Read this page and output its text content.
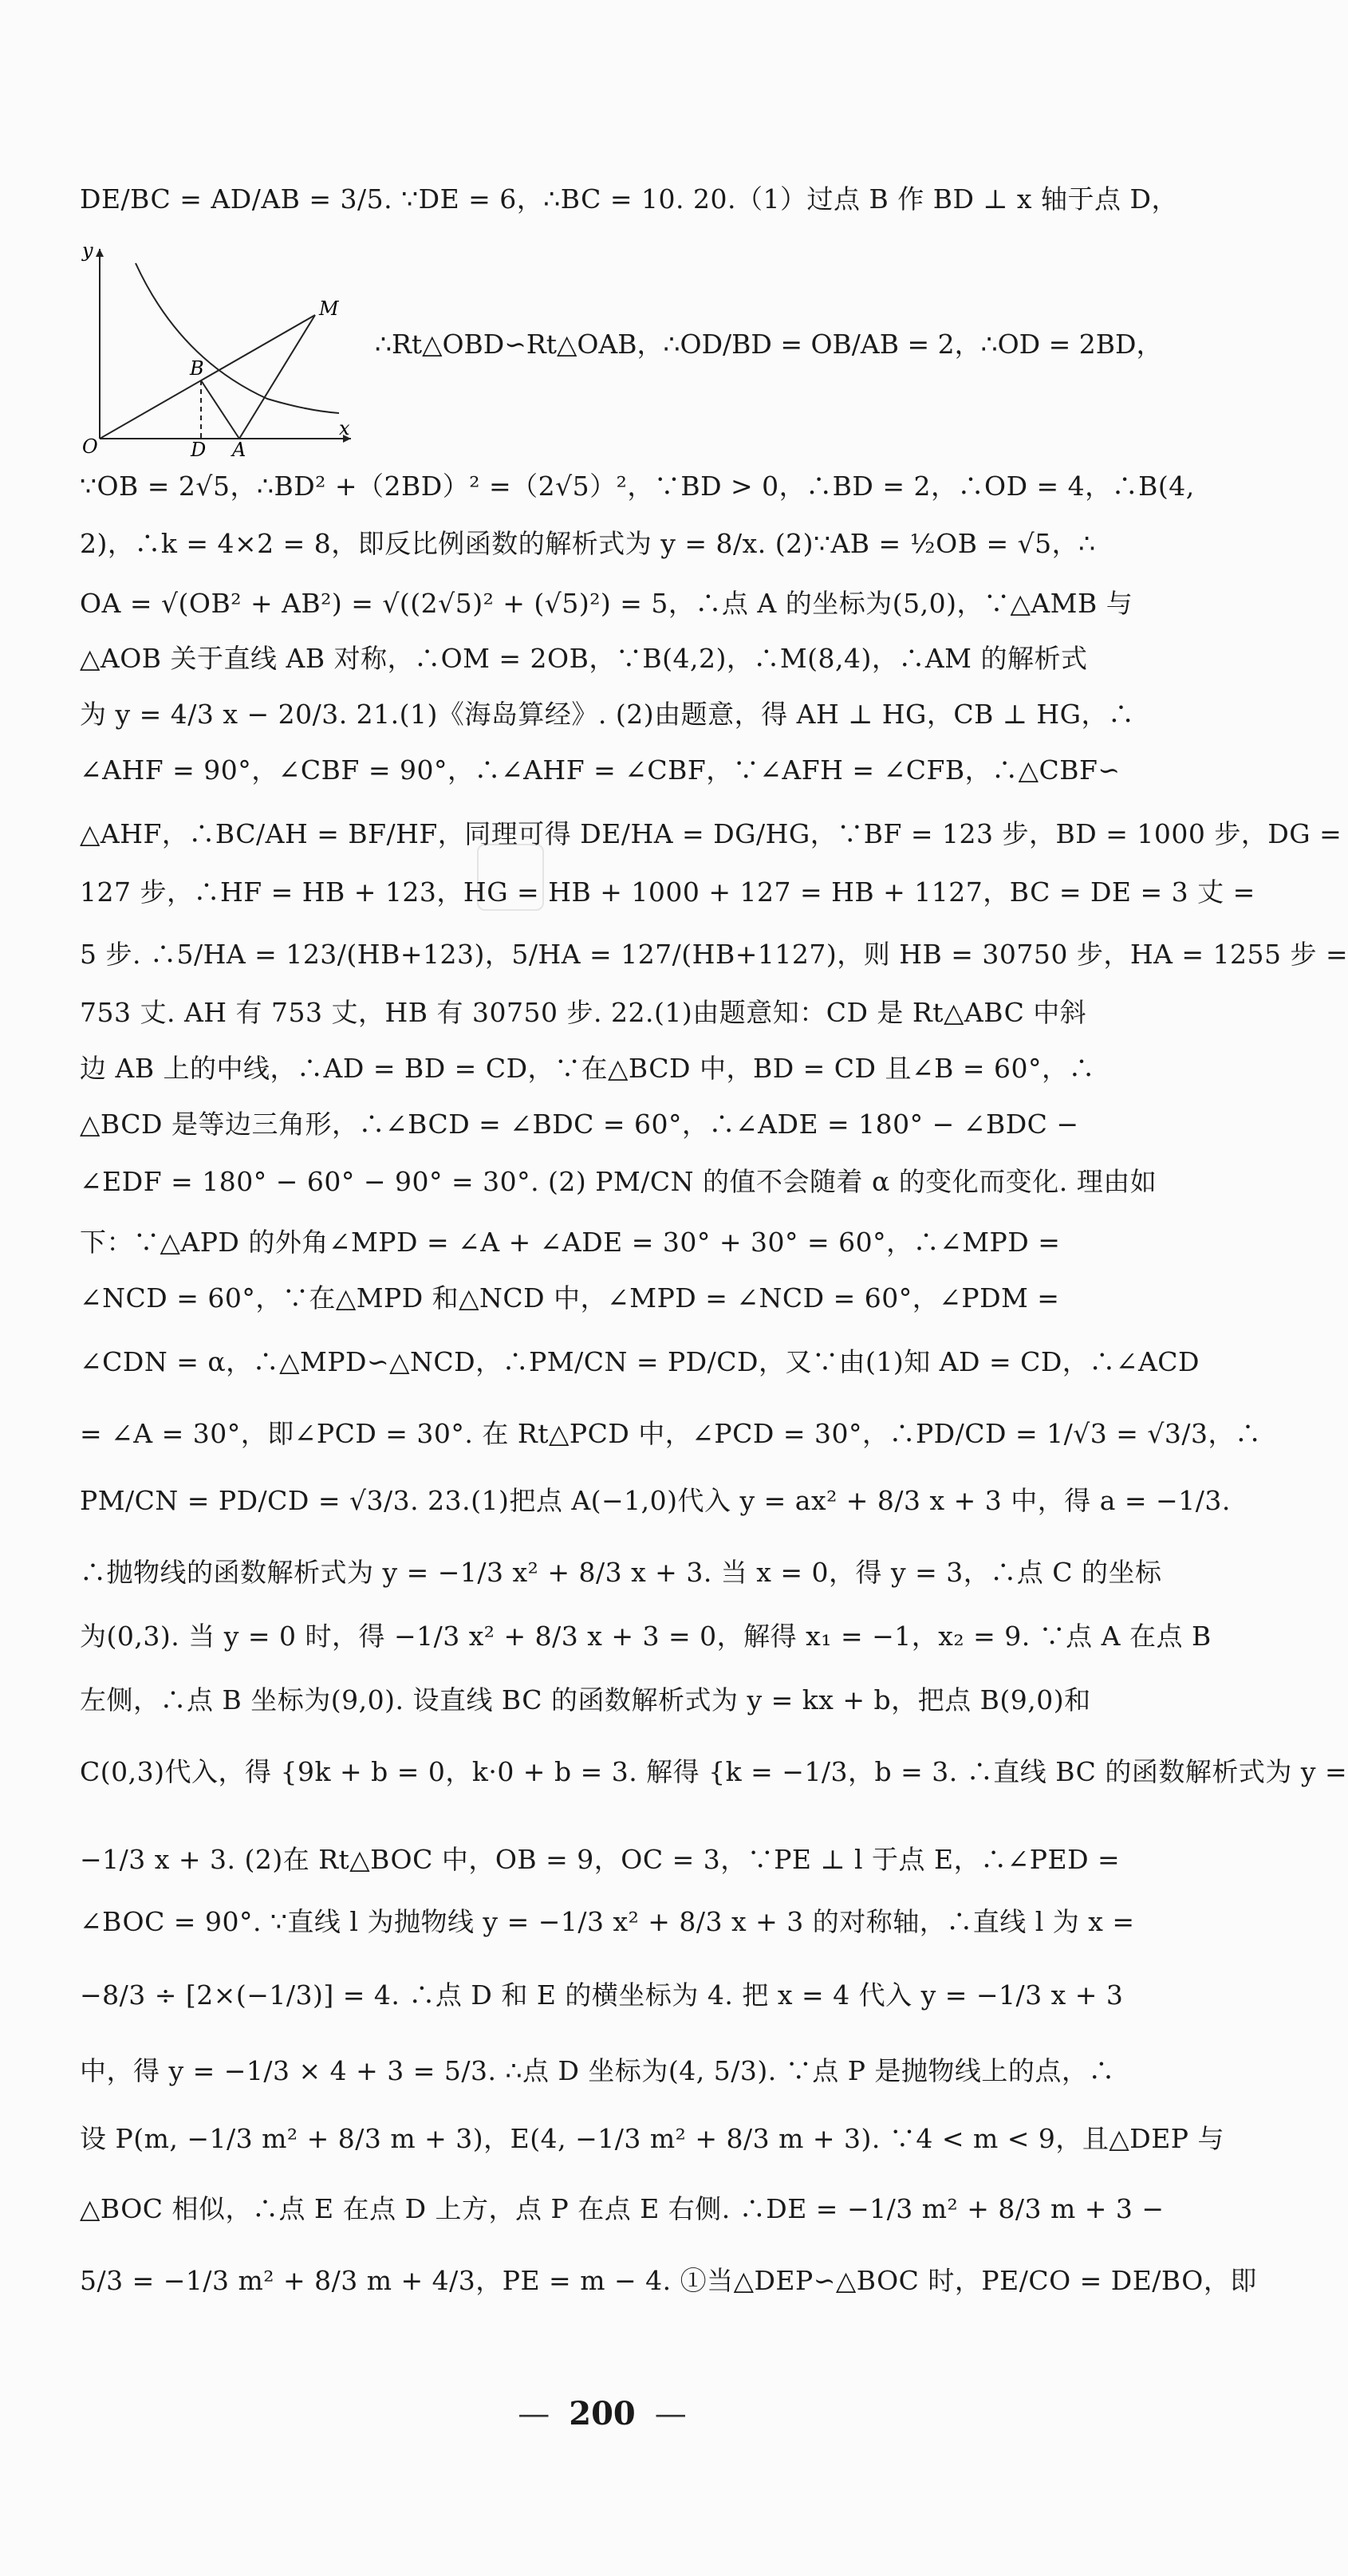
DE/BC = AD/AB = 3/5. ∵DE = 6，∴BC = 10. 20.（1）过点 B 作 BD ⊥ x 轴于点 D，
y
x
O
B
D A
M
∴Rt△OBD∽Rt△OAB，∴OD/BD = OB/AB = 2，∴OD = 2BD，
∵OB = 2√5，∴BD² +（2BD）² =（2√5）²，∵BD > 0，∴BD = 2，∴OD = 4，∴B(4,
2)，∴k = 4×2 = 8，即反比例函数的解析式为 y = 8/x. (2)∵AB = ½OB = √5，∴
OA = √(OB² + AB²) = √((2√5)² + (√5)²) = 5，∴点 A 的坐标为(5,0)，∵△AMB 与
△AOB 关于直线 AB 对称，∴OM = 2OB，∵B(4,2)，∴M(8,4)，∴AM 的解析式
为 y = 4/3 x − 20/3. 21.(1)《海岛算经》. (2)由题意，得 AH ⊥ HG，CB ⊥ HG，∴
∠AHF = 90°，∠CBF = 90°，∴∠AHF = ∠CBF，∵∠AFH = ∠CFB，∴△CBF∽
△AHF，∴BC/AH = BF/HF，同理可得 DE/HA = DG/HG，∵BF = 123 步，BD = 1000 步，DG =
127 步，∴HF = HB + 123，HG = HB + 1000 + 127 = HB + 1127，BC = DE = 3 丈 =
5 步. ∴5/HA = 123/(HB+123)，5/HA = 127/(HB+1127)，则 HB = 30750 步，HA = 1255 步 =
753 丈. AH 有 753 丈，HB 有 30750 步. 22.(1)由题意知：CD 是 Rt△ABC 中斜
边 AB 上的中线，∴AD = BD = CD，∵在△BCD 中，BD = CD 且∠B = 60°，∴
△BCD 是等边三角形，∴∠BCD = ∠BDC = 60°，∴∠ADE = 180° − ∠BDC −
∠EDF = 180° − 60° − 90° = 30°. (2) PM/CN 的值不会随着 α 的变化而变化. 理由如
下：∵△APD 的外角∠MPD = ∠A + ∠ADE = 30° + 30° = 60°，∴∠MPD =
∠NCD = 60°，∵在△MPD 和△NCD 中，∠MPD = ∠NCD = 60°，∠PDM =
∠CDN = α，∴△MPD∽△NCD，∴PM/CN = PD/CD，又∵由(1)知 AD = CD，∴∠ACD
= ∠A = 30°，即∠PCD = 30°. 在 Rt△PCD 中，∠PCD = 30°，∴PD/CD = 1/√3 = √3/3，∴
PM/CN = PD/CD = √3/3. 23.(1)把点 A(−1,0)代入 y = ax² + 8/3 x + 3 中，得 a = −1/3.
∴抛物线的函数解析式为 y = −1/3 x² + 8/3 x + 3. 当 x = 0，得 y = 3，∴点 C 的坐标
为(0,3). 当 y = 0 时，得 −1/3 x² + 8/3 x + 3 = 0，解得 x₁ = −1，x₂ = 9. ∵点 A 在点 B
左侧，∴点 B 坐标为(9,0). 设直线 BC 的函数解析式为 y = kx + b，把点 B(9,0)和
C(0,3)代入，得 {9k + b = 0，k·0 + b = 3. 解得 {k = −1/3，b = 3. ∴直线 BC 的函数解析式为 y =
−1/3 x + 3. (2)在 Rt△BOC 中，OB = 9，OC = 3，∵PE ⊥ l 于点 E，∴∠PED =
∠BOC = 90°. ∵直线 l 为抛物线 y = −1/3 x² + 8/3 x + 3 的对称轴，∴直线 l 为 x =
−8/3 ÷ [2×(−1/3)] = 4. ∴点 D 和 E 的横坐标为 4. 把 x = 4 代入 y = −1/3 x + 3
中，得 y = −1/3 × 4 + 3 = 5/3. ∴点 D 坐标为(4, 5/3). ∵点 P 是抛物线上的点，∴
设 P(m, −1/3 m² + 8/3 m + 3)，E(4, −1/3 m² + 8/3 m + 3). ∵4 < m < 9，且△DEP 与
△BOC 相似，∴点 E 在点 D 上方，点 P 在点 E 右侧. ∴DE = −1/3 m² + 8/3 m + 3 −
5/3 = −1/3 m² + 8/3 m + 4/3，PE = m − 4. ①当△DEP∽△BOC 时，PE/CO = DE/BO，即
— 200 —
